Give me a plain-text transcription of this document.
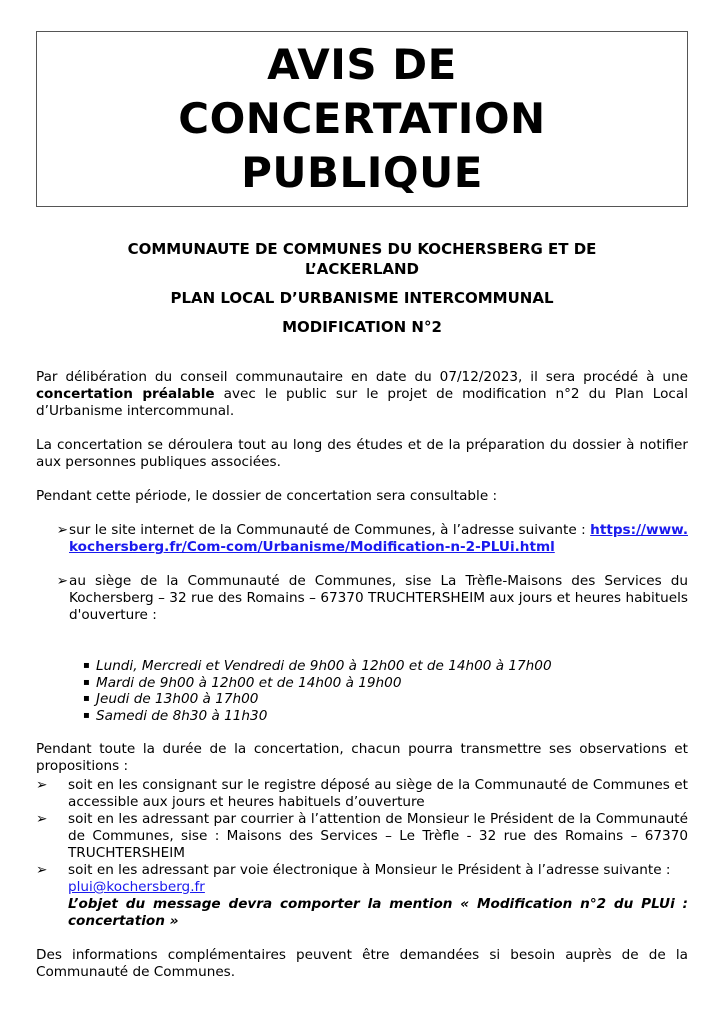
AVIS DE
CONCERTATION
PUBLIQUE
COMMUNAUTE DE COMMUNES DU KOCHERSBERG ET DE L’ACKERLAND
PLAN LOCAL D’URBANISME INTERCOMMUNAL
MODIFICATION N°2

Par délibération du conseil communautaire en date du 07/12/2023, il sera procédé à une concertation préalable avec le public sur le projet de modification n°2 du Plan Local d’Urbanisme intercommunal.

La concertation se déroulera tout au long des études et de la préparation du dossier à notifier aux personnes publiques associées.

Pendant cette période, le dossier de concertation sera consultable :

➢ sur le site internet de la Communauté de Communes, à l’adresse suivante : https://www.kochersberg.fr/Com-com/Urbanisme/Modification-n-2-PLUi.html
➢ au siège de la Communauté de Communes, sise La Trèfle-Maisons des Services du Kochersberg – 32 rue des Romains – 67370 TRUCHTERSHEIM aux jours et heures habituels d'ouverture :
▪ Lundi, Mercredi et Vendredi de 9h00 à 12h00 et de 14h00 à 17h00
▪ Mardi de 9h00 à 12h00 et de 14h00 à 19h00
▪ Jeudi de 13h00 à 17h00
▪ Samedi de 8h30 à 11h30

Pendant toute la durée de la concertation, chacun pourra transmettre ses observations et propositions :

➢	soit en les consignant sur le registre déposé au siège de la Communauté de Communes et accessible aux jours et heures habituels d’ouverture
➢	soit en les adressant par courrier à l’attention de Monsieur le Président de la Communauté de Communes, sise : Maisons des Services – Le Trèfle - 32 rue des Romains – 67370 TRUCHTERSHEIM
➢	soit en les adressant par voie électronique à Monsieur le Président à l’adresse suivante :
plui@kochersberg.fr
L’objet du message devra comporter la mention « Modification n°2 du PLUi : concertation »

Des informations complémentaires peuvent être demandées si besoin auprès de de la Communauté de Communes.
